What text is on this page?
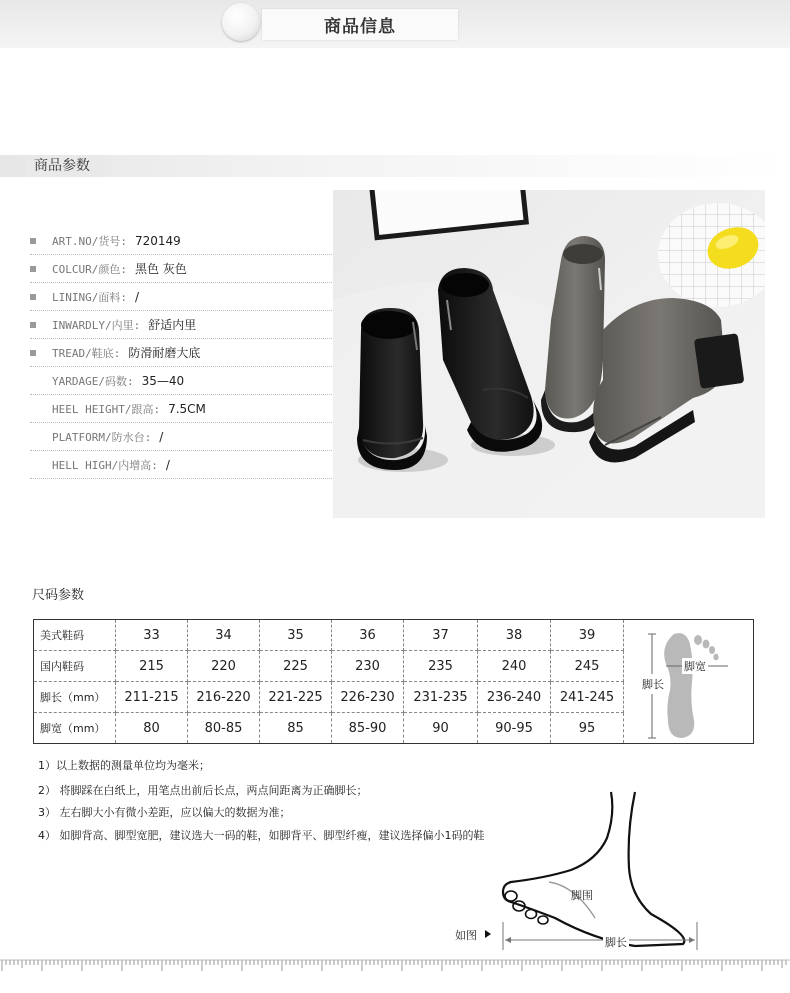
商品信息
商品参数
ART.NO/货号: 720149
COLCUR/颜色: 黑色 灰色
LINING/面料: /
INWARDLY/内里: 舒适内里
TREAD/鞋底: 防滑耐磨大底
YARDAGE/码数: 35—40
HEEL HEIGHT/跟高: 7.5CM
PLATFORM/防水台: /
HELL HIGH/内增高: /
尺码参数
美式鞋码	33	34	35	36	37	38	39
国内鞋码	215	220	225	230	235	240	245
脚长（mm）	211-215	216-220	221-225	226-230	231-235	236-240	241-245
脚宽（mm）	80	80-85	85	85-90	90	90-95	95
脚宽
脚长
1）以上数据的测量单位均为毫米；
2） 将脚踩在白纸上，用笔点出前后长点，两点间距离为正确脚长；
3） 左右脚大小有微小差距，应以偏大的数据为准；
4） 如脚背高、脚型宽肥，建议选大一码的鞋，如脚背平、脚型纤瘦，建议选择偏小1码的鞋
脚围
脚长
如图
